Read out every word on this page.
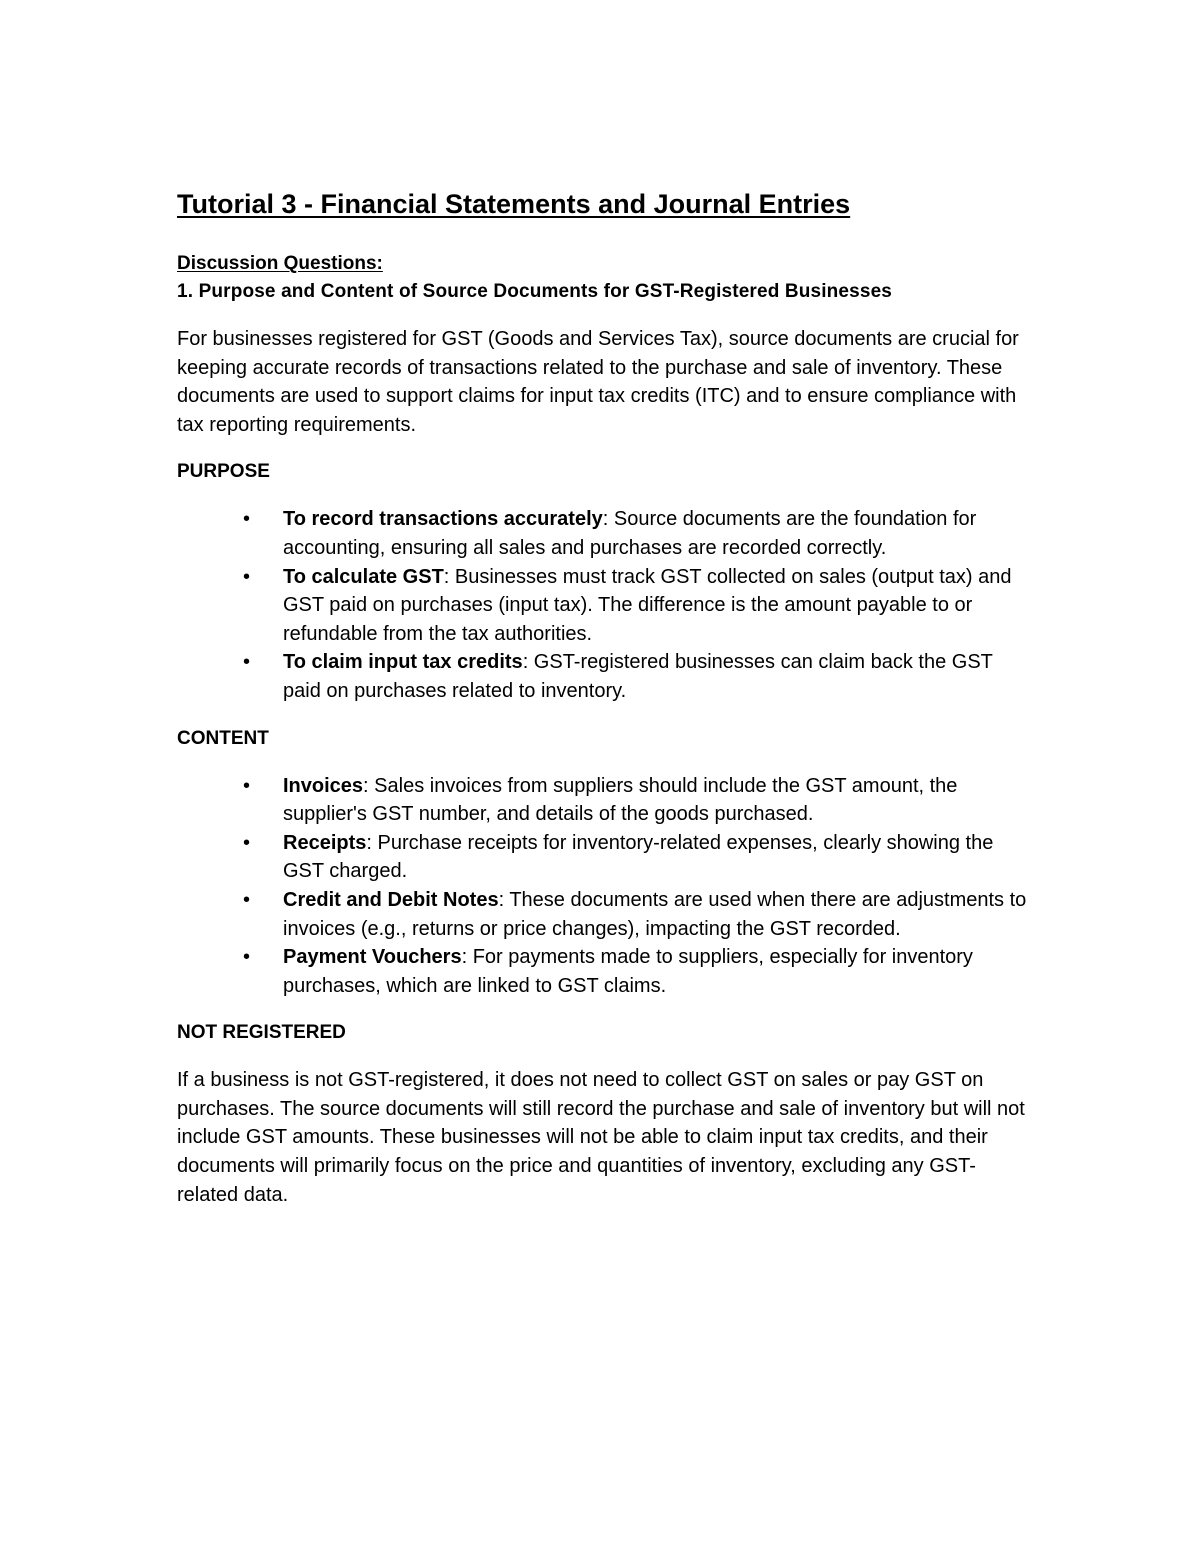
Tutorial 3 - Financial Statements and Journal Entries

Discussion Questions:

1. Purpose and Content of Source Documents for GST-Registered Businesses

For businesses registered for GST (Goods and Services Tax), source documents are crucial for keeping accurate records of transactions related to the purchase and sale of inventory. These documents are used to support claims for input tax credits (ITC) and to ensure compliance with tax reporting requirements.

PURPOSE

• To record transactions accurately: Source documents are the foundation for accounting, ensuring all sales and purchases are recorded correctly.
• To calculate GST: Businesses must track GST collected on sales (output tax) and GST paid on purchases (input tax). The difference is the amount payable to or refundable from the tax authorities.
• To claim input tax credits: GST-registered businesses can claim back the GST paid on purchases related to inventory.

CONTENT

• Invoices: Sales invoices from suppliers should include the GST amount, the supplier's GST number, and details of the goods purchased.
• Receipts: Purchase receipts for inventory-related expenses, clearly showing the GST charged.
• Credit and Debit Notes: These documents are used when there are adjustments to invoices (e.g., returns or price changes), impacting the GST recorded.
• Payment Vouchers: For payments made to suppliers, especially for inventory purchases, which are linked to GST claims.

NOT REGISTERED

If a business is not GST-registered, it does not need to collect GST on sales or pay GST on purchases. The source documents will still record the purchase and sale of inventory but will not include GST amounts. These businesses will not be able to claim input tax credits, and their documents will primarily focus on the price and quantities of inventory, excluding any GST-related data.
